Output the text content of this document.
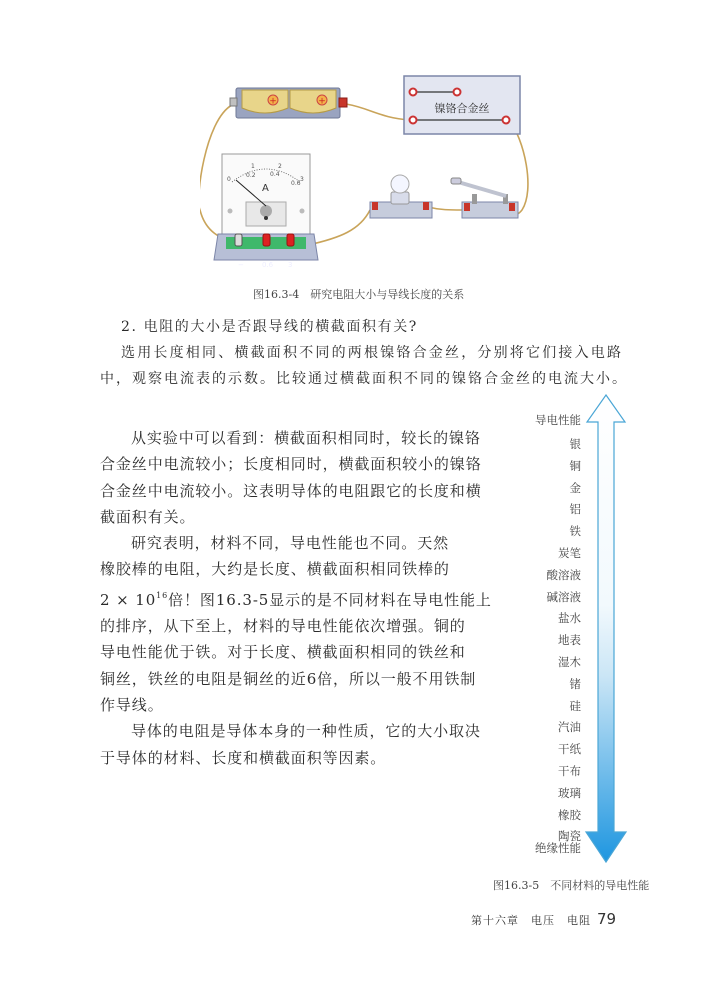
+	+
镍铬合金丝
1	2
3
0
0.2 0.4
0.6
A
−	0.6 3
图16.3-4　研究电阻大小与导线长度的关系
2. 电阻的大小是否跟导线的横截面积有关?
选用长度相同、横截面积不同的两根镍铬合金丝，分别将它们接入电路
中，观察电流表的示数。比较通过横截面积不同的镍铬合金丝的电流大小。

从实验中可以看到：横截面积相同时，较长的镍铬

合金丝中电流较小；长度相同时，横截面积较小的镍铬

合金丝中电流较小。这表明导体的电阻跟它的长度和横

截面积有关。

研究表明，材料不同，导电性能也不同。天然

橡胶棒的电阻，大约是长度、横截面积相同铁棒的

$2 \times 10^{16}$倍！图16.3-5显示的是不同材料在导电性能上

的排序，从下至上，材料的导电性能依次增强。铜的

导电性能优于铁。对于长度、横截面积相同的铁丝和

铜丝，铁丝的电阻是铜丝的近6倍，所以一般不用铁制

作导线。

导体的电阻是导体本身的一种性质，它的大小取决

于导体的材料、长度和横截面积等因素。

导电性能
银
铜
金
铝
铁
炭笔
酸溶液
碱溶液
盐水
地表
湿木
锗
硅
汽油
干纸
干布
玻璃
橡胶
陶瓷
绝缘性能
图16.3-5　不同材料的导电性能
第十六章　电压　电阻 79
